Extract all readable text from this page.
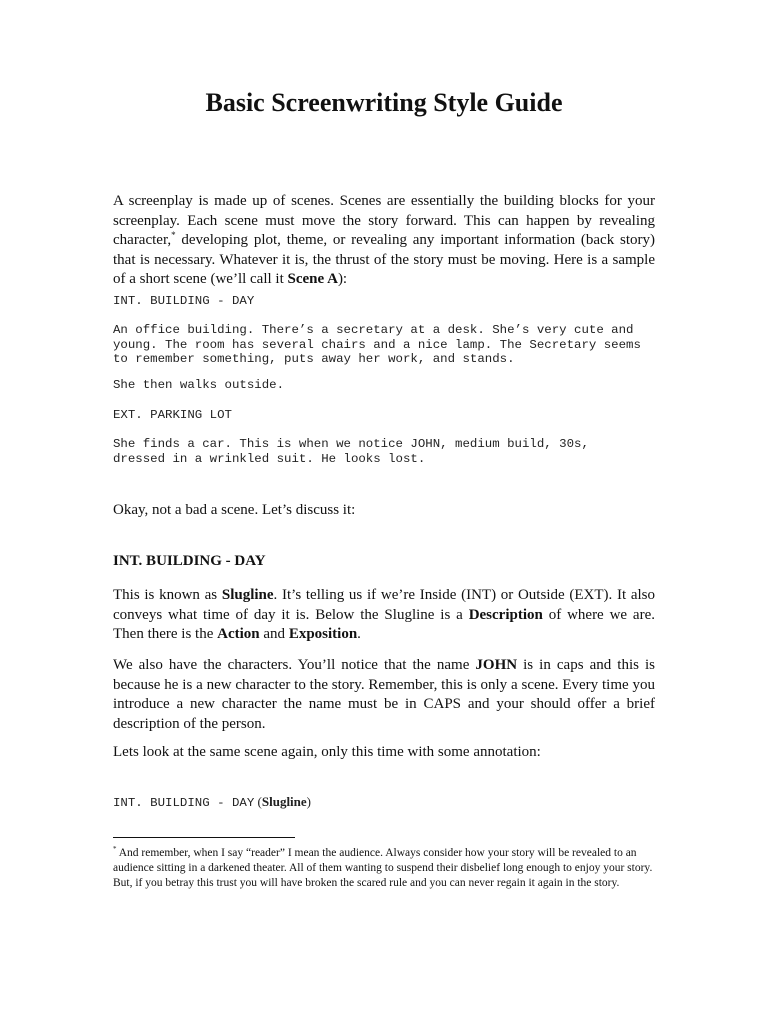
Basic Screenwriting Style Guide

A screenplay is made up of scenes. Scenes are essentially the building blocks for your screenplay. Each scene must move the story forward. This can happen by revealing character,* developing plot, theme, or revealing any important information (back story) that is necessary. Whatever it is, the thrust of the story must be moving. Here is a sample of a short scene (we’ll call it Scene A):

INT. BUILDING - DAY

An office building. There’s a secretary at a desk. She’s very cute and
young. The room has several chairs and a nice lamp. The Secretary seems
to remember something, puts away her work, and stands.

She then walks outside.

EXT. PARKING LOT

She finds a car. This is when we notice JOHN, medium build, 30s,
dressed in a wrinkled suit. He looks lost.

Okay, not a bad a scene. Let’s discuss it:

INT. BUILDING - DAY

This is known as Slugline. It’s telling us if we’re Inside (INT) or Outside (EXT). It also conveys what time of day it is. Below the Slugline is a Description of where we are. Then there is the Action and Exposition.

We also have the characters. You’ll notice that the name JOHN is in caps and this is because he is a new character to the story. Remember, this is only a scene. Every time you introduce a new character the name must be in CAPS and your should offer a brief description of the person.

Lets look at the same scene again, only this time with some annotation:

INT. BUILDING - DAY (Slugline)

* And remember, when I say “reader” I mean the audience. Always consider how your story will be revealed to an audience sitting in a darkened theater. All of them wanting to suspend their disbelief long enough to enjoy your story. But, if you betray this trust you will have broken the scared rule and you can never regain it again in the story.
